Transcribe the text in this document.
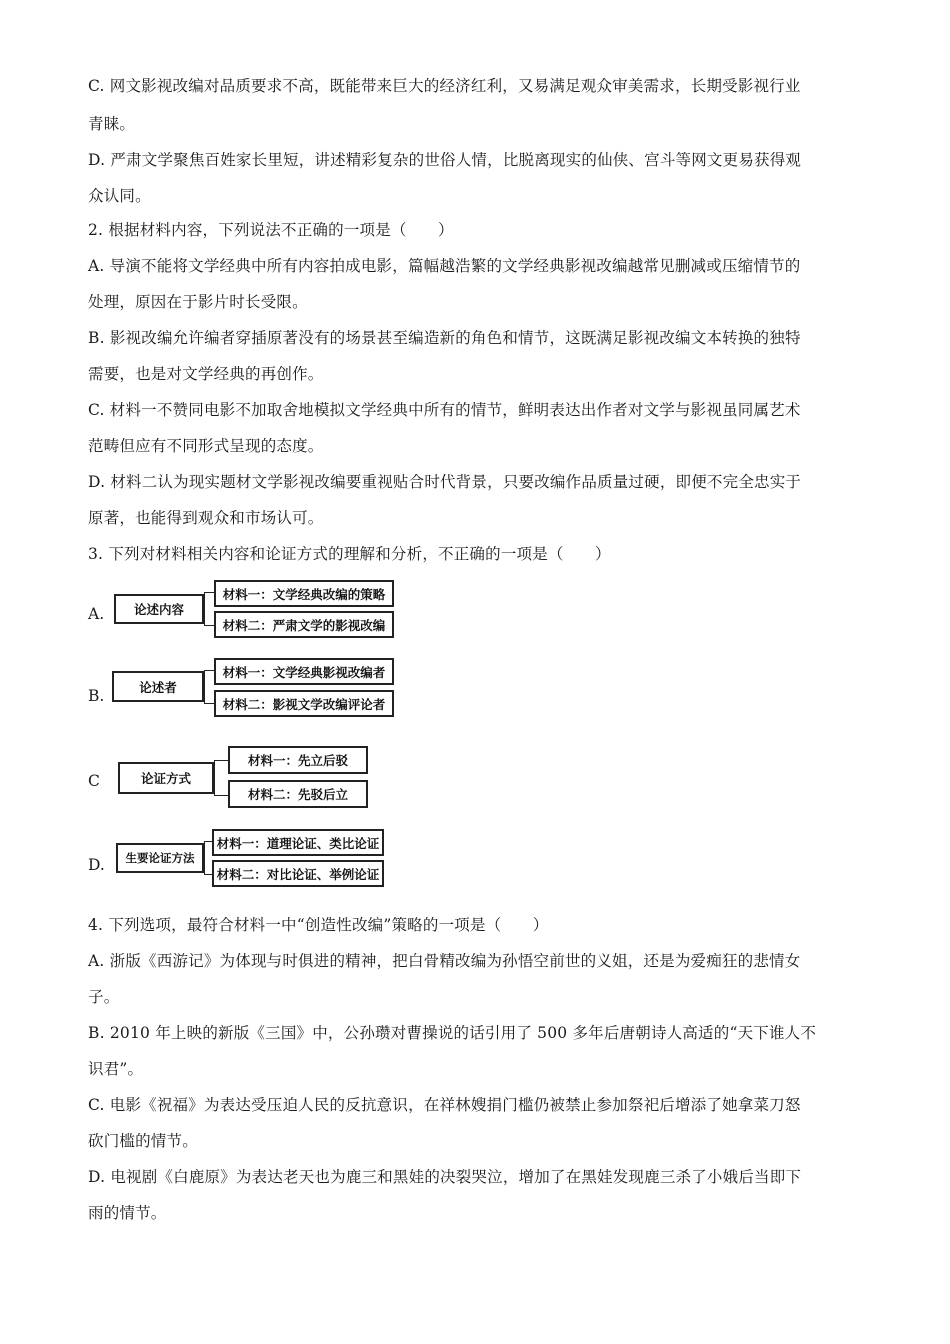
C. 网文影视改编对品质要求不高，既能带来巨大的经济红利，又易满足观众审美需求，长期受影视行业
青睐。
D. 严肃文学聚焦百姓家长里短，讲述精彩复杂的世俗人情，比脱离现实的仙侠、宫斗等网文更易获得观
众认同。
2. 根据材料内容，下列说法不正确的一项是（　　）
A. 导演不能将文学经典中所有内容拍成电影，篇幅越浩繁的文学经典影视改编越常见删减或压缩情节的
处理，原因在于影片时长受限。
B. 影视改编允许编者穿插原著没有的场景甚至编造新的角色和情节，这既满足影视改编文本转换的独特
需要，也是对文学经典的再创作。
C. 材料一不赞同电影不加取舍地模拟文学经典中所有的情节，鲜明表达出作者对文学与影视虽同属艺术
范畴但应有不同形式呈现的态度。
D. 材料二认为现实题材文学影视改编要重视贴合时代背景，只要改编作品质量过硬，即便不完全忠实于
原著，也能得到观众和市场认可。
3. 下列对材料相关内容和论证方式的理解和分析，不正确的一项是（　　）
A.	论述内容
材料一：文学经典改编的策略
材料二：严肃文学的影视改编
B.	论述者
材料一：文学经典影视改编者
材料二：影视文学改编评论者
C	论证方式
材料一：先立后驳
材料二：先驳后立
D.	生要论证方法
材料一：道理论证、类比论证
材料二：对比论证、举例论证
4. 下列选项，最符合材料一中“创造性改编”策略的一项是（　　）
A. 浙版《西游记》为体现与时俱进的精神，把白骨精改编为孙悟空前世的义姐，还是为爱痴狂的悲情女
子。
B. 2010 年上映的新版《三国》中，公孙瓒对曹操说的话引用了 500 多年后唐朝诗人高适的“天下谁人不
识君”。
C. 电影《祝福》为表达受压迫人民的反抗意识，在祥林嫂捐门槛仍被禁止参加祭祀后增添了她拿菜刀怒
砍门槛的情节。
D. 电视剧《白鹿原》为表达老天也为鹿三和黑娃的决裂哭泣，增加了在黑娃发现鹿三杀了小娥后当即下
雨的情节。
